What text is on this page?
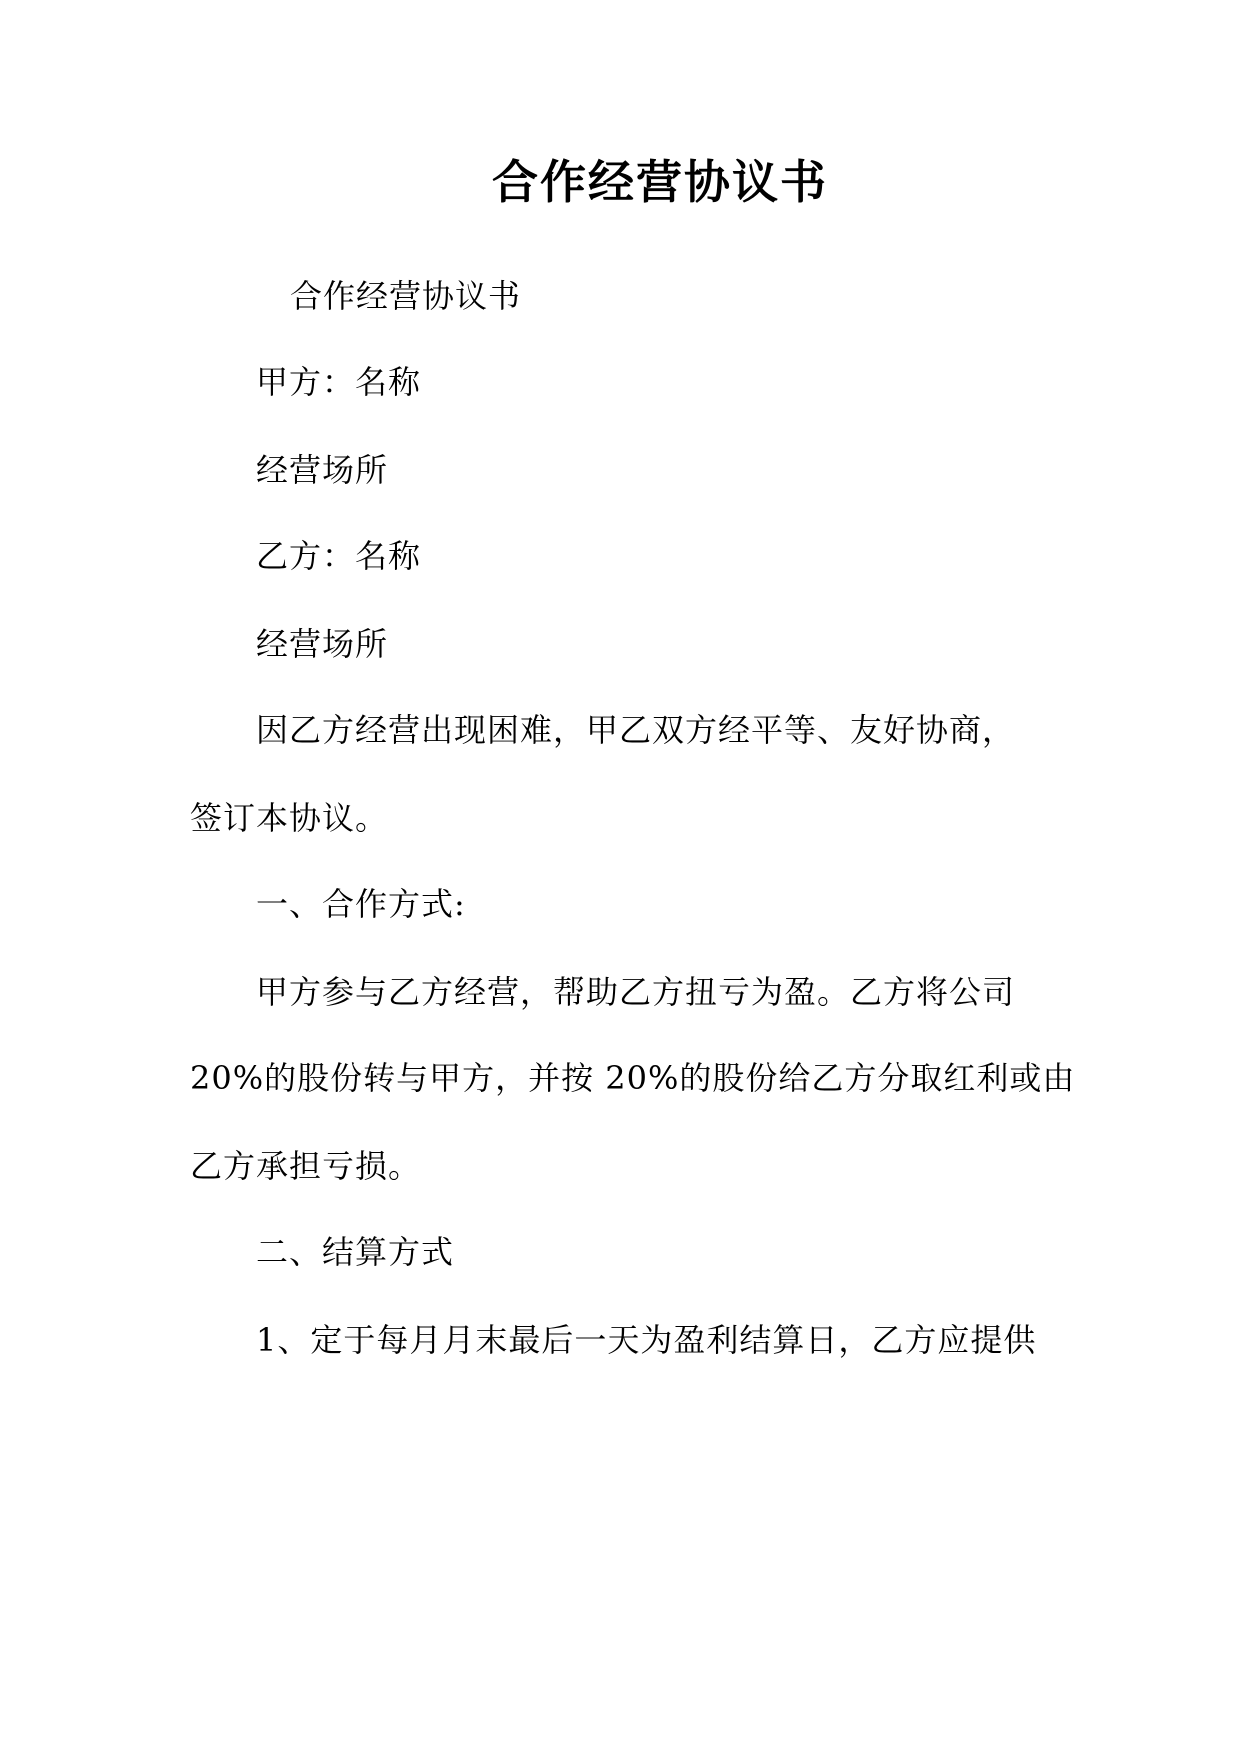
合作经营协议书
合作经营协议书
甲方：名称
经营场所
乙方：名称
经营场所
因乙方经营出现困难，甲乙双方经平等、友好协商，
签订本协议。
一、合作方式:
甲方参与乙方经营，帮助乙方扭亏为盈。乙方将公司
20%的股份转与甲方，并按 20%的股份给乙方分取红利或由
乙方承担亏损。
二、结算方式
1、定于每月月末最后一天为盈利结算日，乙方应提供
